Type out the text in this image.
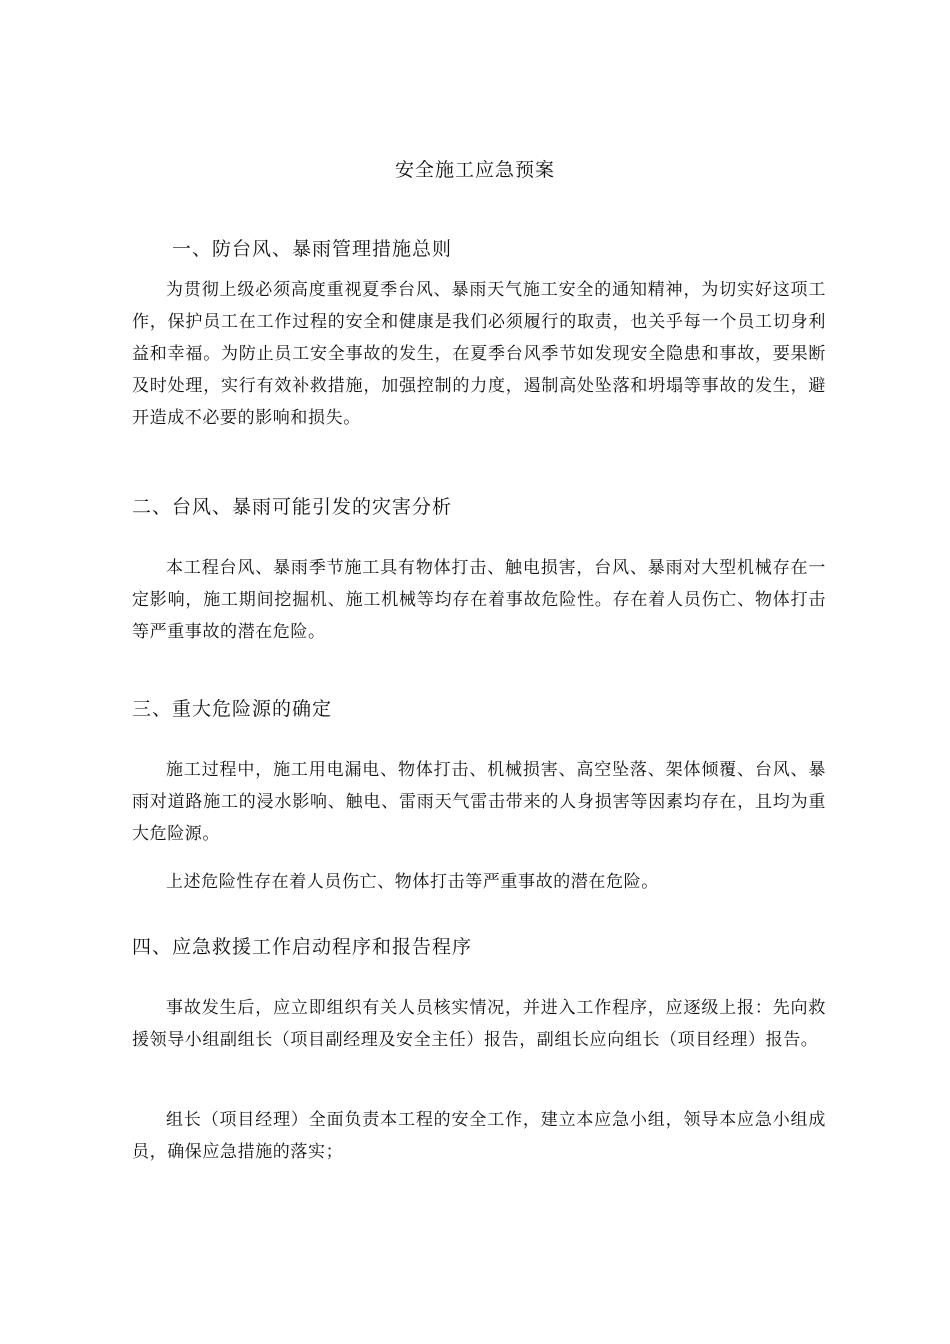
安全施工应急预案
一、防台风、暴雨管理措施总则

为贯彻上级必须高度重视夏季台风、暴雨天气施工安全的通知精神，为切实好这项工作，保护员工在工作过程的安全和健康是我们必须履行的取责，也关乎每一个员工切身利益和幸福。为防止员工安全事故的发生，在夏季台风季节如发现安全隐患和事故，要果断及时处理，实行有效补救措施，加强控制的力度，遏制高处坠落和坍塌等事故的发生，避开造成不必要的影响和损失。

二、台风、暴雨可能引发的灾害分析

本工程台风、暴雨季节施工具有物体打击、触电损害，台风、暴雨对大型机械存在一定影响，施工期间挖掘机、施工机械等均存在着事故危险性。存在着人员伤亡、物体打击等严重事故的潜在危险。

三、重大危险源的确定

施工过程中，施工用电漏电、物体打击、机械损害、高空坠落、架体倾覆、台风、暴雨对道路施工的浸水影响、触电、雷雨天气雷击带来的人身损害等因素均存在，且均为重大危险源。

上述危险性存在着人员伤亡、物体打击等严重事故的潜在危险。

四、应急救援工作启动程序和报告程序

事故发生后，应立即组织有关人员核实情况，并进入工作程序，应逐级上报：先向救援领导小组副组长（项目副经理及安全主任）报告，副组长应向组长（项目经理）报告。

组长（项目经理）全面负责本工程的安全工作，建立本应急小组，领导本应急小组成员，确保应急措施的落实；
